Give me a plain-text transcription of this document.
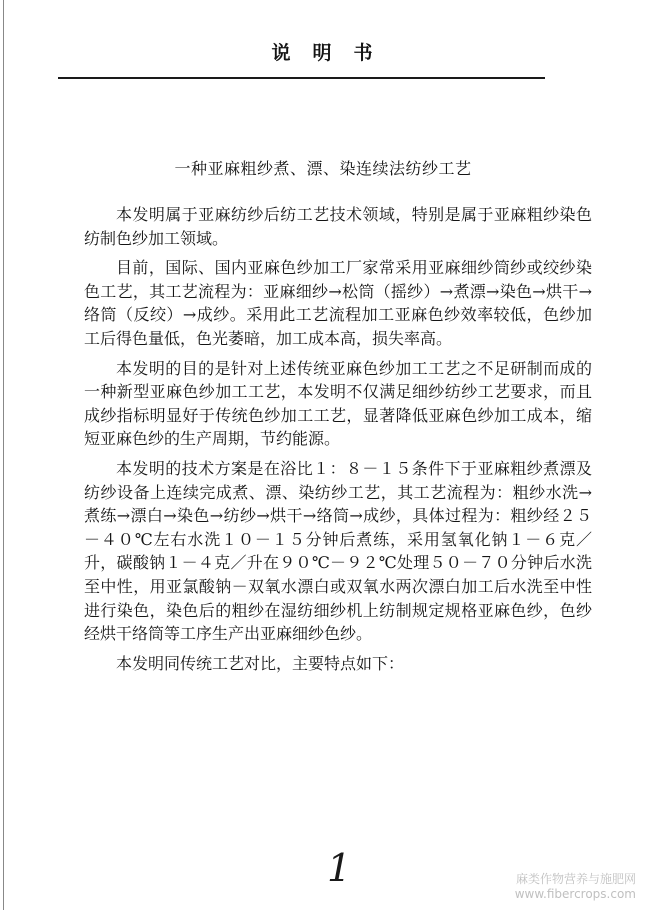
说明书
一种亚麻粗纱煮、漂、染连续法纺纱工艺

本发明属于亚麻纺纱后纺工艺技术领域，特别是属于亚麻粗纱染色纺制色纱加工领域。

目前，国际、国内亚麻色纱加工厂家常采用亚麻细纱筒纱或绞纱染色工艺，其工艺流程为：亚麻细纱→松筒（摇纱）→煮漂→染色→烘干→络筒（反绞）→成纱。采用此工艺流程加工亚麻色纱效率较低，色纱加工后得色量低，色光萎暗，加工成本高，损失率高。

本发明的目的是针对上述传统亚麻色纱加工工艺之不足研制而成的一种新型亚麻色纱加工工艺，本发明不仅满足细纱纺纱工艺要求，而且成纱指标明显好于传统色纱加工工艺，显著降低亚麻色纱加工成本，缩短亚麻色纱的生产周期，节约能源。

本发明的技术方案是在浴比１：８－１５条件下于亚麻粗纱煮漂及纺纱设备上连续完成煮、漂、染纺纱工艺，其工艺流程为：粗纱水洗→煮练→漂白→染色→纺纱→烘干→络筒→成纱，具体过程为：粗纱经２５－４０℃左右水洗１０－１５分钟后煮练，采用氢氧化钠１－６克／升，碳酸钠１－４克／升在９０℃－９２℃处理５０－７０分钟后水洗至中性，用亚氯酸钠－双氧水漂白或双氧水两次漂白加工后水洗至中性进行染色，染色后的粗纱在湿纺细纱机上纺制规定规格亚麻色纱，色纱经烘干络筒等工序生产出亚麻细纱色纱。

本发明同传统工艺对比，主要特点如下：

1	麻类作物营养与施肥网
www.fibercrops.com
